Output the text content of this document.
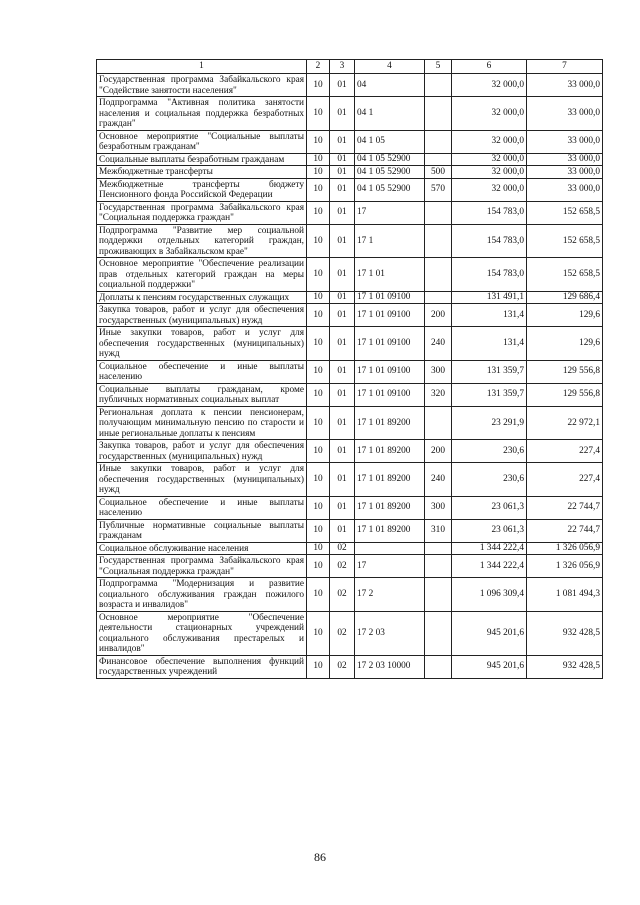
1	2	3	4	5	6	7
Государственная программа Забайкальского края "Содействие занятости населения"	10	01	04		32 000,0	33 000,0
Подпрограмма "Активная политика занятости населения и социальная поддержка безработных граждан"	10	01	04 1		32 000,0	33 000,0
Основное мероприятие "Социальные выплаты безработным гражданам"	10	01	04 1 05		32 000,0	33 000,0
Социальные выплаты безработным гражданам	10	01	04 1 05 52900		32 000,0	33 000,0
Межбюджетные трансферты	10	01	04 1 05 52900	500	32 000,0	33 000,0
Межбюджетные трансферты бюджету Пенсионного фонда Российской Федерации	10	01	04 1 05 52900	570	32 000,0	33 000,0
Государственная программа Забайкальского края "Социальная поддержка граждан"	10	01	17		154 783,0	152 658,5
Подпрограмма "Развитие мер социальной поддержки отдельных категорий граждан, проживающих в Забайкальском крае"	10	01	17 1		154 783,0	152 658,5
Основное мероприятие "Обеспечение реализации прав отдельных категорий граждан на меры социальной поддержки"	10	01	17 1 01		154 783,0	152 658,5
Доплаты к пенсиям государственных служащих	10	01	17 1 01 09100		131 491,1	129 686,4
Закупка товаров, работ и услуг для обеспечения государственных (муниципальных) нужд	10	01	17 1 01 09100	200	131,4	129,6
Иные закупки товаров, работ и услуг для обеспечения государственных (муниципальных) нужд	10	01	17 1 01 09100	240	131,4	129,6
Социальное обеспечение и иные выплаты населению	10	01	17 1 01 09100	300	131 359,7	129 556,8
Социальные выплаты гражданам, кроме публичных нормативных социальных выплат	10	01	17 1 01 09100	320	131 359,7	129 556,8
Региональная доплата к пенсии пенсионерам, получающим минимальную пенсию по старости и иные региональные доплаты к пенсиям	10	01	17 1 01 89200		23 291,9	22 972,1
Закупка товаров, работ и услуг для обеспечения государственных (муниципальных) нужд	10	01	17 1 01 89200	200	230,6	227,4
Иные закупки товаров, работ и услуг для обеспечения государственных (муниципальных) нужд	10	01	17 1 01 89200	240	230,6	227,4
Социальное обеспечение и иные выплаты населению	10	01	17 1 01 89200	300	23 061,3	22 744,7
Публичные нормативные социальные выплаты гражданам	10	01	17 1 01 89200	310	23 061,3	22 744,7
Социальное обслуживание населения	10	02			1 344 222,4	1 326 056,9
Государственная программа Забайкальского края "Социальная поддержка граждан"	10	02	17		1 344 222,4	1 326 056,9
Подпрограмма "Модернизация и развитие социального обслуживания граждан пожилого возраста и инвалидов"	10	02	17 2		1 096 309,4	1 081 494,3
Основное мероприятие "Обеспечение деятельности стационарных учреждений социального обслуживания престарелых и инвалидов"	10	02	17 2 03		945 201,6	932 428,5
Финансовое обеспечение выполнения функций государственных учреждений	10	02	17 2 03 10000		945 201,6	932 428,5
86
